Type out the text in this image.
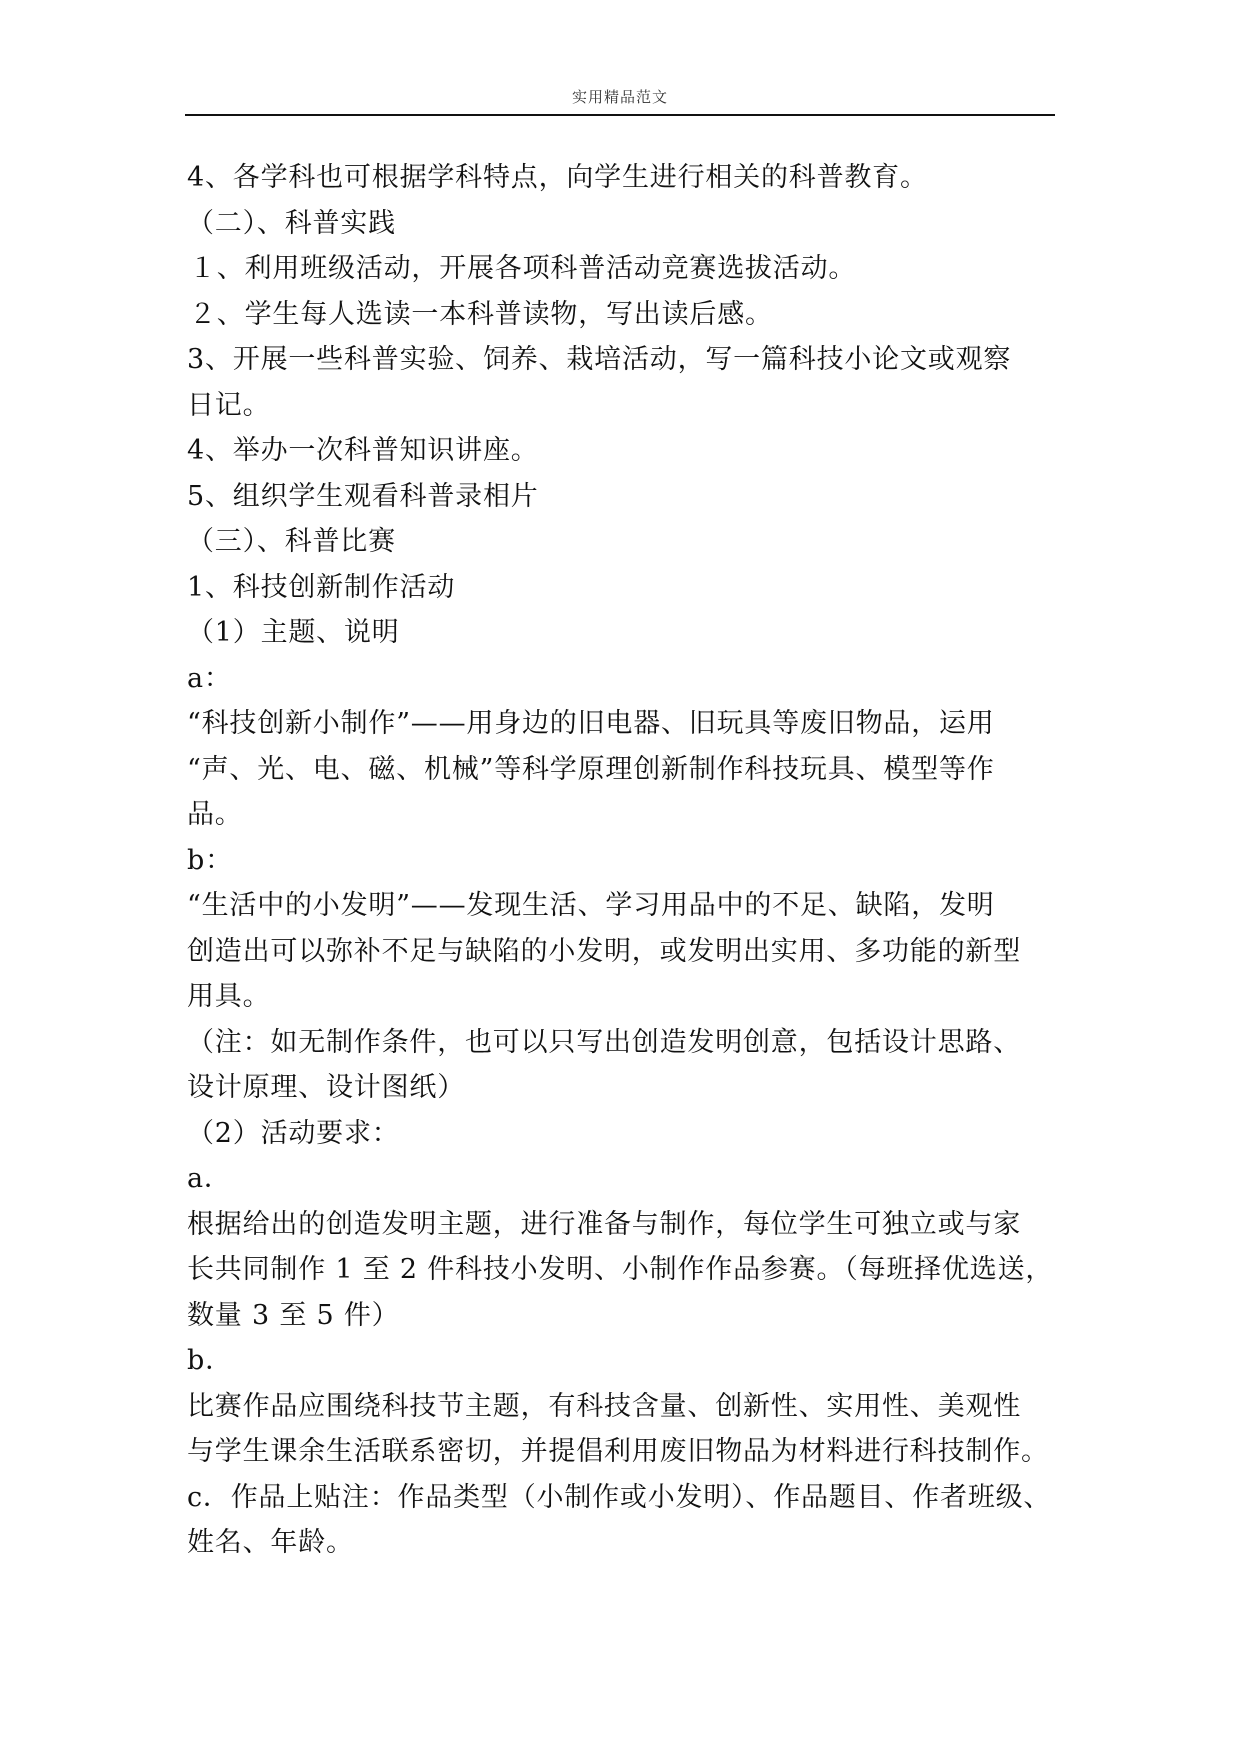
实用精品范文

4、各学科也可根据学科特点，向学生进行相关的科普教育。

（二）、科普实践

１、利用班级活动，开展各项科普活动竞赛选拔活动。

２、学生每人选读一本科普读物，写出读后感。

3、开展一些科普实验、饲养、栽培活动，写一篇科技小论文或观察

日记。

4、举办一次科普知识讲座。

5、组织学生观看科普录相片

（三）、科普比赛

1、科技创新制作活动

（1）主题、说明

a：

“科技创新小制作”——用身边的旧电器、旧玩具等废旧物品，运用

“声、光、电、磁、机械”等科学原理创新制作科技玩具、模型等作

品。

b：

“生活中的小发明”——发现生活、学习用品中的不足、缺陷，发明

创造出可以弥补不足与缺陷的小发明，或发明出实用、多功能的新型

用具。

（注：如无制作条件，也可以只写出创造发明创意，包括设计思路、

设计原理、设计图纸）

（2）活动要求：

a．

根据给出的创造发明主题，进行准备与制作，每位学生可独立或与家

长共同制作 1 至 2 件科技小发明、小制作作品参赛。（每班择优选送，

数量 3 至 5 件）

b．

比赛作品应围绕科技节主题，有科技含量、创新性、实用性、美观性

与学生课余生活联系密切，并提倡利用废旧物品为材料进行科技制作。

c．作品上贴注：作品类型（小制作或小发明）、作品题目、作者班级、

姓名、年龄。
